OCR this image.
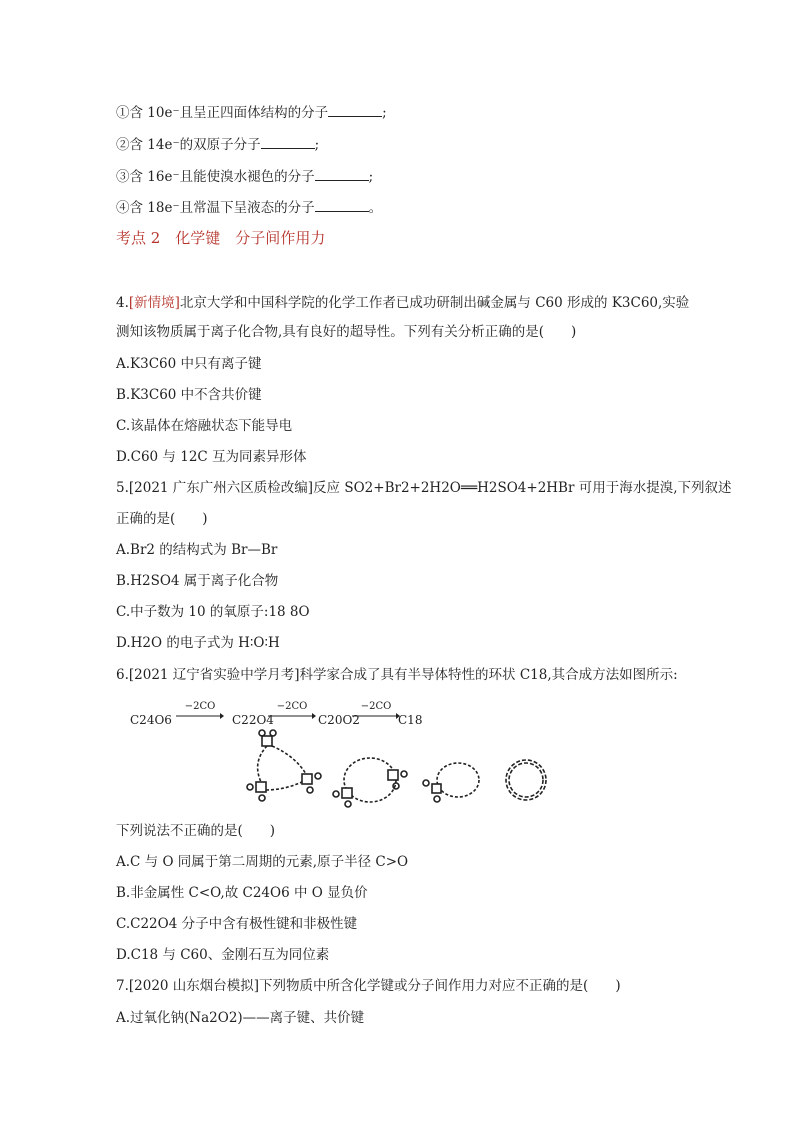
①含 10e⁻且呈正四面体结构的分子	;
②含 14e⁻的双原子分子	;
③含 16e⁻且能使溴水褪色的分子	;
④含 18e⁻且常温下呈液态的分子	。
考点 2　化学键　分子间作用力
4.[新情境]北京大学和中国科学院的化学工作者已成功研制出碱金属与 C60 形成的 K3C60,实验
测知该物质属于离子化合物,具有良好的超导性。下列有关分析正确的是(　　)
A.K3C60 中只有离子键
B.K3C60 中不含共价键
C.该晶体在熔融状态下能导电
D.C60 与 12C 互为同素异形体
5.[2021 广东广州六区质检改编]反应 SO2+Br2+2H2O══H2SO4+2HBr 可用于海水提溴,下列叙述
正确的是(　　)
A.Br2 的结构式为 Br—Br
B.H2SO4 属于离子化合物
C.中子数为 10 的氧原子:18 8O
D.H2O 的电子式为 H∶O∶H
6.[2021 辽宁省实验中学月考]科学家合成了具有半导体特性的环状 C18,其合成方法如图所示:
C24O6
−2CO
C22O4
−2CO
C20O2
−2CO
C18
下列说法不正确的是(　　)
A.C 与 O 同属于第二周期的元素,原子半径 C>O
B.非金属性 C<O,故 C24O6 中 O 显负价
C.C22O4 分子中含有极性键和非极性键
D.C18 与 C60、金刚石互为同位素
7.[2020 山东烟台模拟]下列物质中所含化学键或分子间作用力对应不正确的是(　　)
A.过氧化钠(Na2O2)——离子键、共价键
